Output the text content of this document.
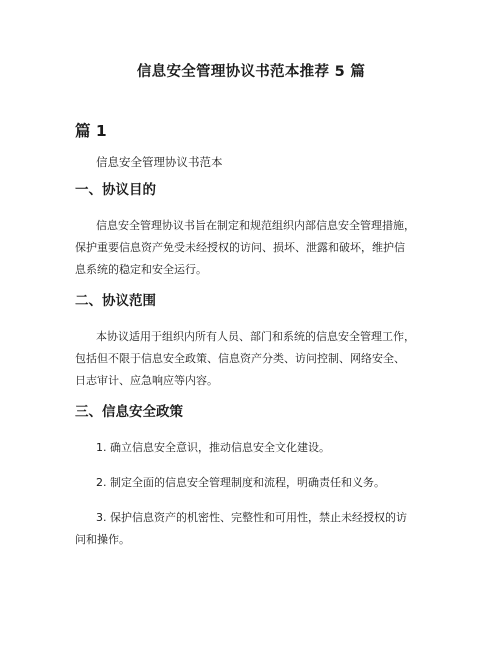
信息安全管理协议书范本推荐 5 篇
篇 1

信息安全管理协议书范本

一、协议目的

信息安全管理协议书旨在制定和规范组织内部信息安全管理措施，
保护重要信息资产免受未经授权的访问、损坏、泄露和破坏，维护信
息系统的稳定和安全运行。

二、协议范围

本协议适用于组织内所有人员、部门和系统的信息安全管理工作，
包括但不限于信息安全政策、信息资产分类、访问控制、网络安全、
日志审计、应急响应等内容。

三、信息安全政策

1. 确立信息安全意识，推动信息安全文化建设。

2. 制定全面的信息安全管理制度和流程，明确责任和义务。

3. 保护信息资产的机密性、完整性和可用性，禁止未经授权的访
问和操作。
